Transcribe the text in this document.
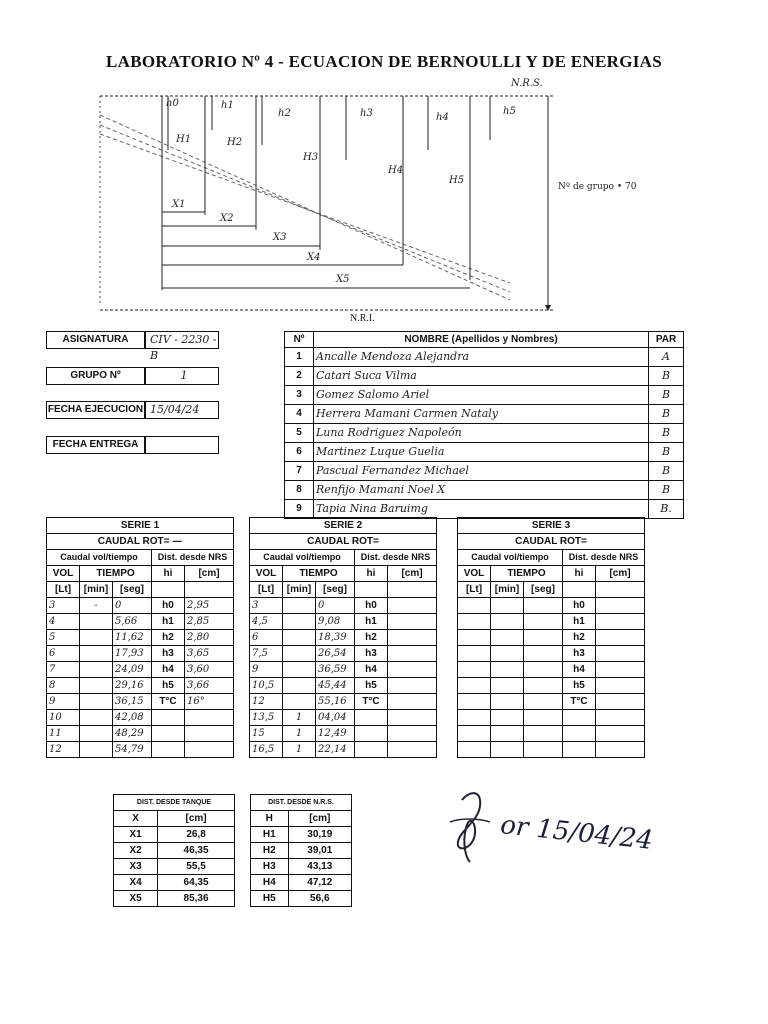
LABORATORIO Nº 4 - ECUACION DE BERNOULLI Y DE ENERGIAS
N.R.S.
N.R.I.
Nº de grupo • 70
h0	h1
h2	h3	h4
h5
H1	H2
H3
H4
H5
X1
X2
X3
X4
X5
ASIGNATURA	CIV - 2230 - B
GRUPO Nº	1
FECHA EJECUCION 15/04/24
FECHA ENTREGA
Nº	NOMBRE (Apellidos y Nombres)	PAR
1	Ancalle Mendoza Alejandra	A
2	Catari Suca Vilma	B
3	Gomez Salomo Ariel	B
4	Herrera Mamani Carmen Nataly	B
5	Luna Rodriguez Napoleón	B
6	Martinez Luque Guelia	B
7	Pascual Fernandez Michael	B
8	Renfijo Mamani Noel X	B
9	Tapia Nina Baruimg	B.
SERIE 1				
CAUDAL ROT= —				
Caudal vol/tiempo			Dist. desde NRS	
VOL	TIEMPO		hi	[cm]
[Lt]	[min]	[seg]		
3	-	0	h0	2,95
4		5,66	h1	2,85
5		11,62	h2	2,80
6		17,93	h3	3,65
7		24,09	h4	3,60
8		29,16	h5	3,66
9		36,15	T°C	16°
10		42,08		
11		48,29		
12		54,79		
SERIE 2				
CAUDAL ROT=				
Caudal vol/tiempo			Dist. desde NRS	
VOL	TIEMPO		hi	[cm]
[Lt]	[min]	[seg]		
3		0	h0	
4,5		9,08	h1	
6		18,39	h2	
7,5		26,54	h3	
9		36,59	h4	
10,5		45,44	h5	
12		55,16	T°C	
13,5	1	04,04		
15	1	12,49		
16,5	1	22,14		
SERIE 3				
CAUDAL ROT=				
Caudal vol/tiempo			Dist. desde NRS	
VOL	TIEMPO		hi	[cm]
[Lt]	[min]	[seg]		
			h0	
			h1	
			h2	
			h3	
			h4	
			h5	
			T°C	

DIST. DESDE TANQUE	
X	[cm]
X1	26,8
X2	46,35
X3	55,5
X4	64,35
X5	85,36
DIST. DESDE N.R.S.	
H	[cm]
H1	30,19
H2	39,01
H3	43,13
H4	47,12
H5	56,6
or 15/04/24
